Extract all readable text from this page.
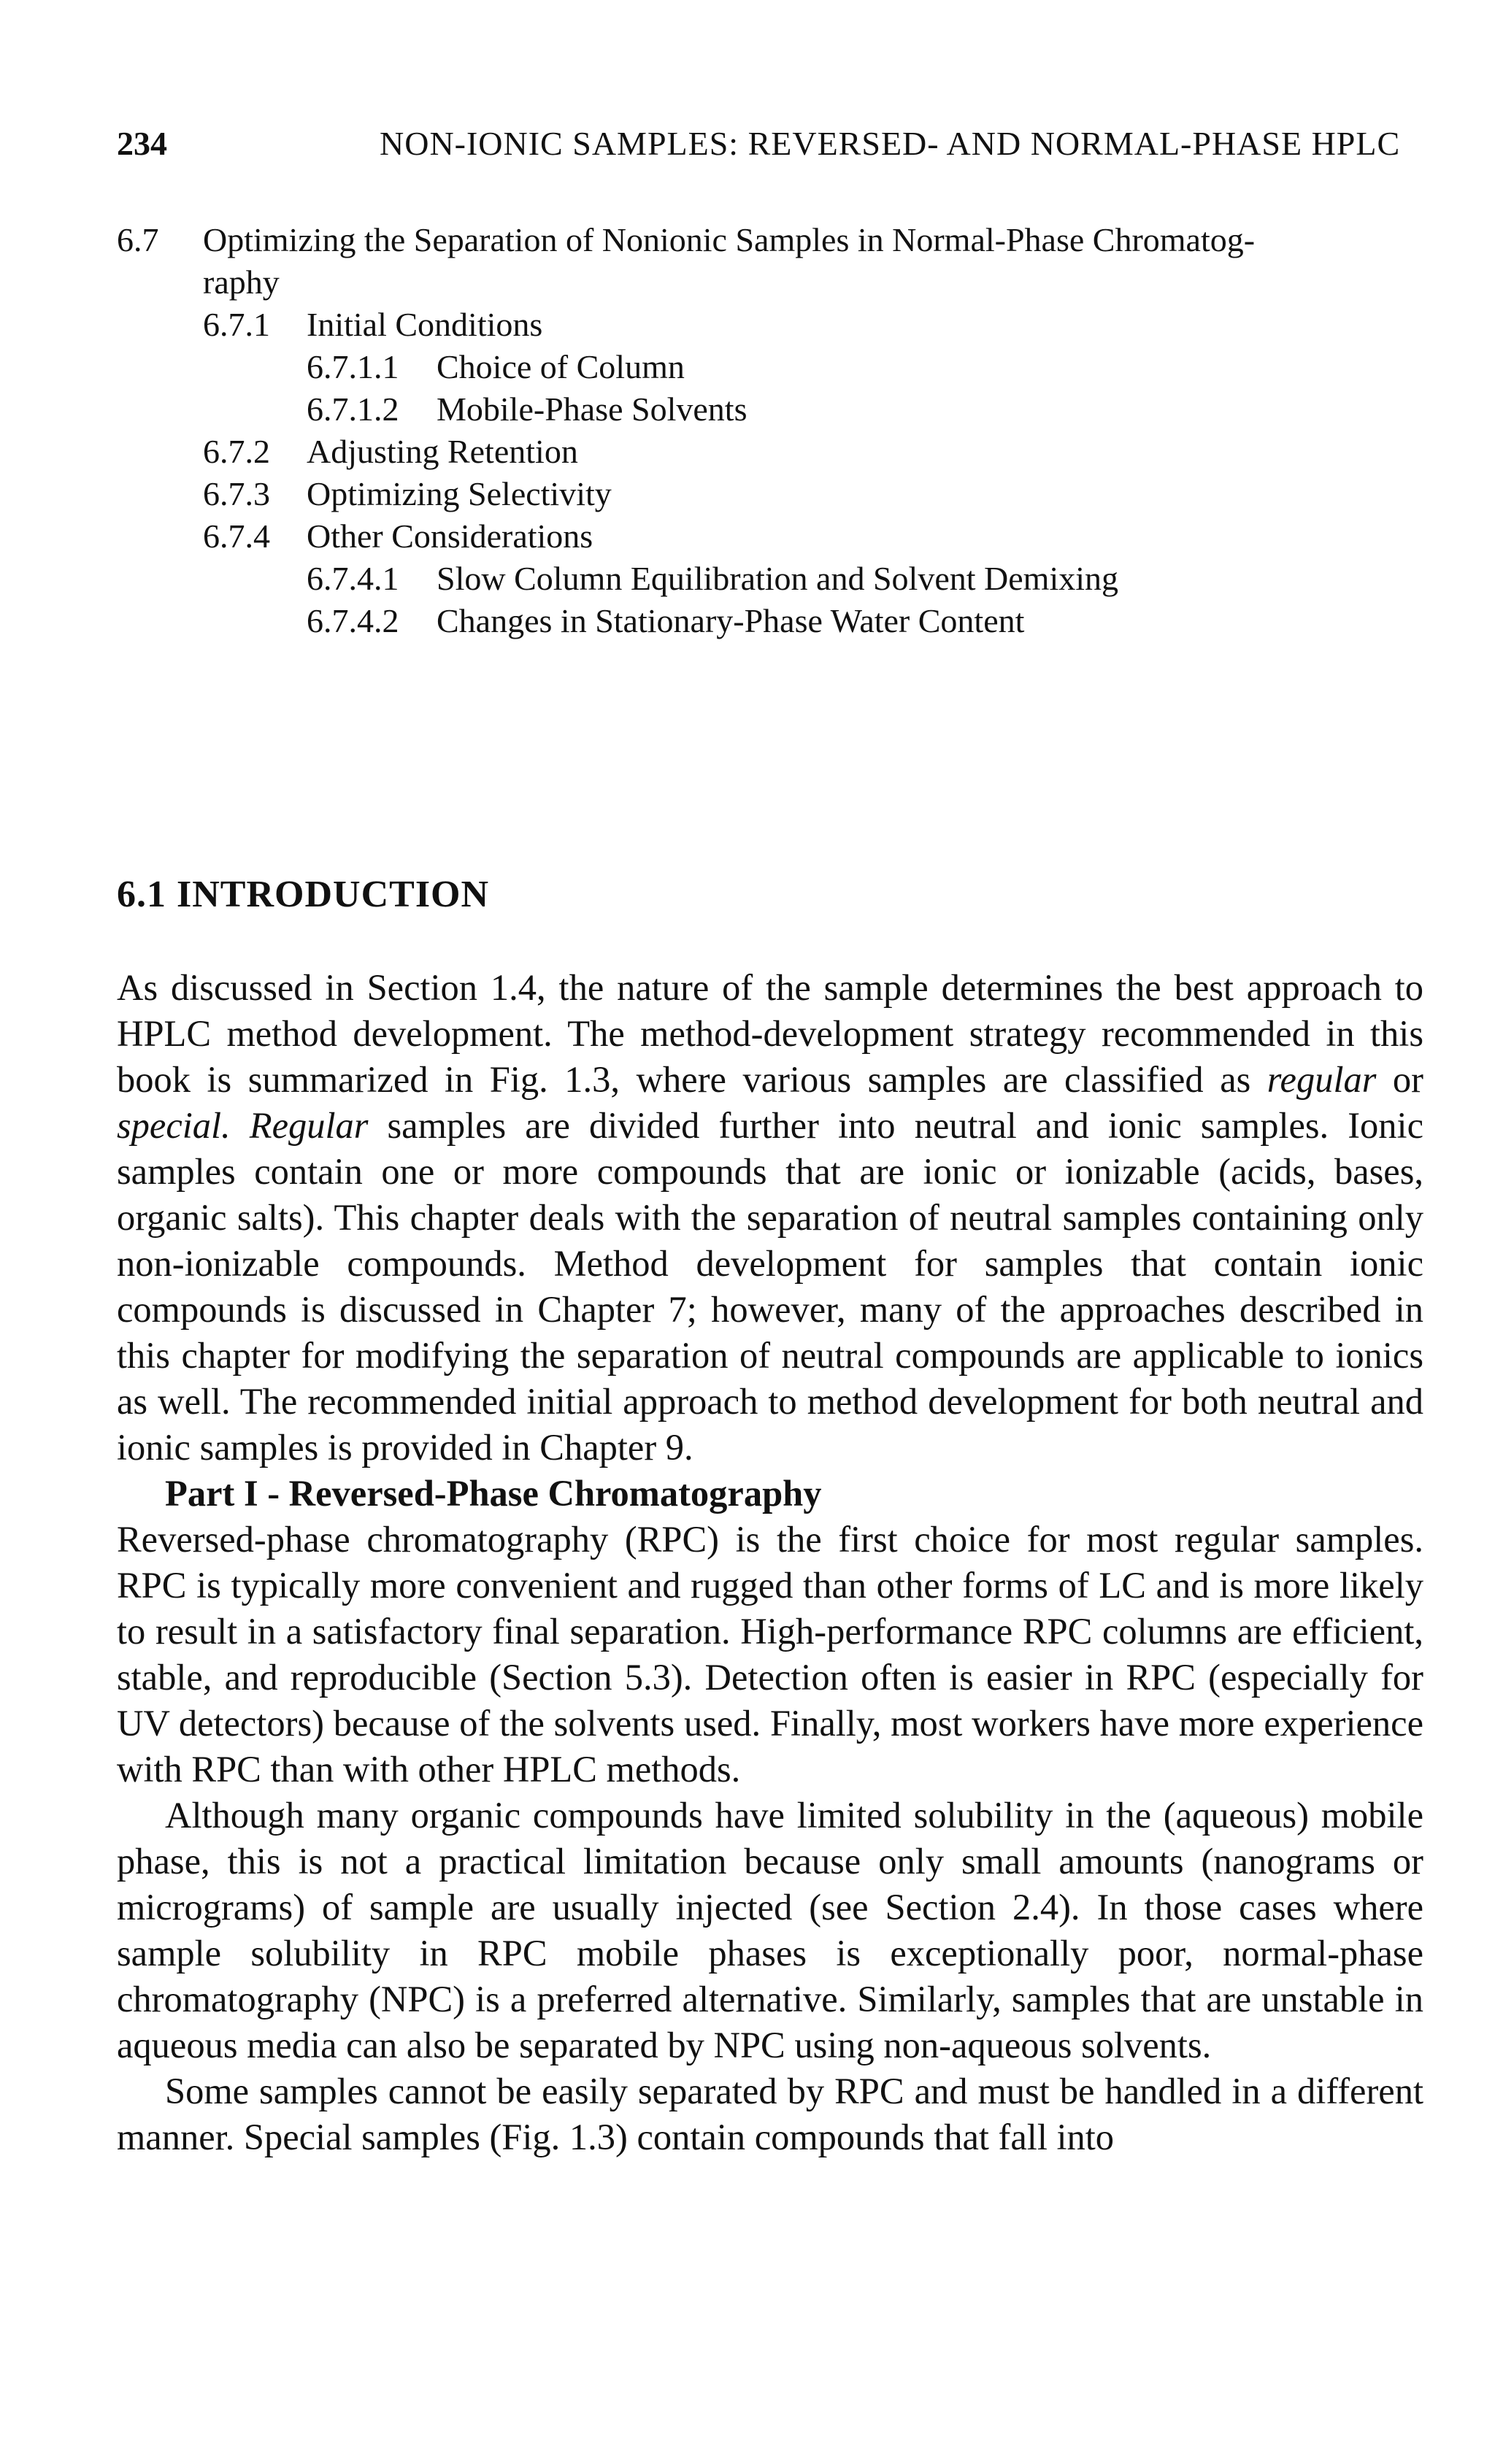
234	NON-IONIC SAMPLES: REVERSED- AND NORMAL-PHASE HPLC
6.7 Optimizing the Separation of Nonionic Samples in Normal-Phase Chromatog-
raphy
6.7.1 Initial Conditions
6.7.1.1 Choice of Column
6.7.1.2 Mobile-Phase Solvents
6.7.2 Adjusting Retention
6.7.3 Optimizing Selectivity
6.7.4 Other Considerations
6.7.4.1 Slow Column Equilibration and Solvent Demixing
6.7.4.2 Changes in Stationary-Phase Water Content
6.1 INTRODUCTION

As discussed in Section 1.4, the nature of the sample determines the best approach to HPLC method development. The method-development strategy recommended in this book is summarized in Fig. 1.3, where various samples are classified as regular or special. Regular samples are divided further into neutral and ionic samples. Ionic samples contain one or more compounds that are ionic or ionizable (acids, bases, organic salts). This chapter deals with the separation of neutral samples containing only non-ionizable compounds. Method development for samples that contain ionic compounds is discussed in Chapter 7; however, many of the approaches described in this chapter for modifying the separation of neutral compounds are applicable to ionics as well. The recommended initial approach to method development for both neutral and ionic samples is provided in Chapter 9.

Part I - Reversed-Phase Chromatography

Reversed-phase chromatography (RPC) is the first choice for most regular samples. RPC is typically more convenient and rugged than other forms of LC and is more likely to result in a satisfactory final separation. High-performance RPC columns are efficient, stable, and reproducible (Section 5.3). Detection often is easier in RPC (especially for UV detectors) because of the solvents used. Finally, most workers have more experience with RPC than with other HPLC methods.

Although many organic compounds have limited solubility in the (aqueous) mobile phase, this is not a practical limitation because only small amounts (nanograms or micrograms) of sample are usually injected (see Section 2.4). In those cases where sample solubility in RPC mobile phases is exceptionally poor, normal-phase chromatography (NPC) is a preferred alternative. Similarly, samples that are unstable in aqueous media can also be separated by NPC using non-aqueous solvents.

Some samples cannot be easily separated by RPC and must be handled in a different manner. Special samples (Fig. 1.3) contain compounds that fall into
